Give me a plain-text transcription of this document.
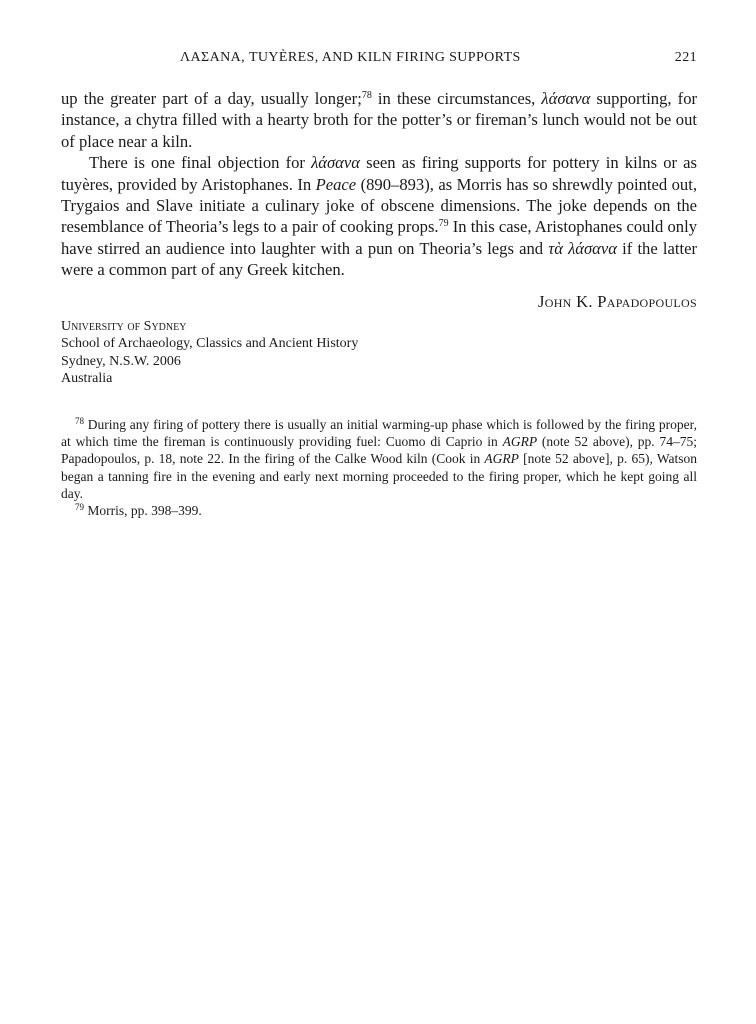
ΛΑΣΑΝΑ, TUYÈRES, AND KILN FIRING SUPPORTS	221

up the greater part of a day, usually longer;$^{78}$ in these circumstances, λάσανα supporting, for instance, a chytra filled with a hearty broth for the potter’s or fireman’s lunch would not be out of place near a kiln.

There is one final objection for λάσανα seen as firing supports for pottery in kilns or as tuyères, provided by Aristophanes. In Peace (890–893), as Morris has so shrewdly pointed out, Trygaios and Slave initiate a culinary joke of obscene dimensions. The joke depends on the resemblance of Theoria’s legs to a pair of cooking props.$^{79}$ In this case, Aristophanes could only have stirred an audience into laughter with a pun on Theoria’s legs and τὰ λάσανα if the latter were a common part of any Greek kitchen.

John K. Papadopoulos
University of Sydney
School of Archaeology, Classics and Ancient History
Sydney, N.S.W. 2006
Australia

$^{78}$ During any firing of pottery there is usually an initial warming-up phase which is followed by the firing proper, at which time the fireman is continuously providing fuel: Cuomo di Caprio in AGRP (note 52 above), pp. 74–75; Papadopoulos, p. 18, note 22. In the firing of the Calke Wood kiln (Cook in AGRP [note 52 above], p. 65), Watson began a tanning fire in the evening and early next morning proceeded to the firing proper, which he kept going all day.

$^{79}$ Morris, pp. 398–399.
